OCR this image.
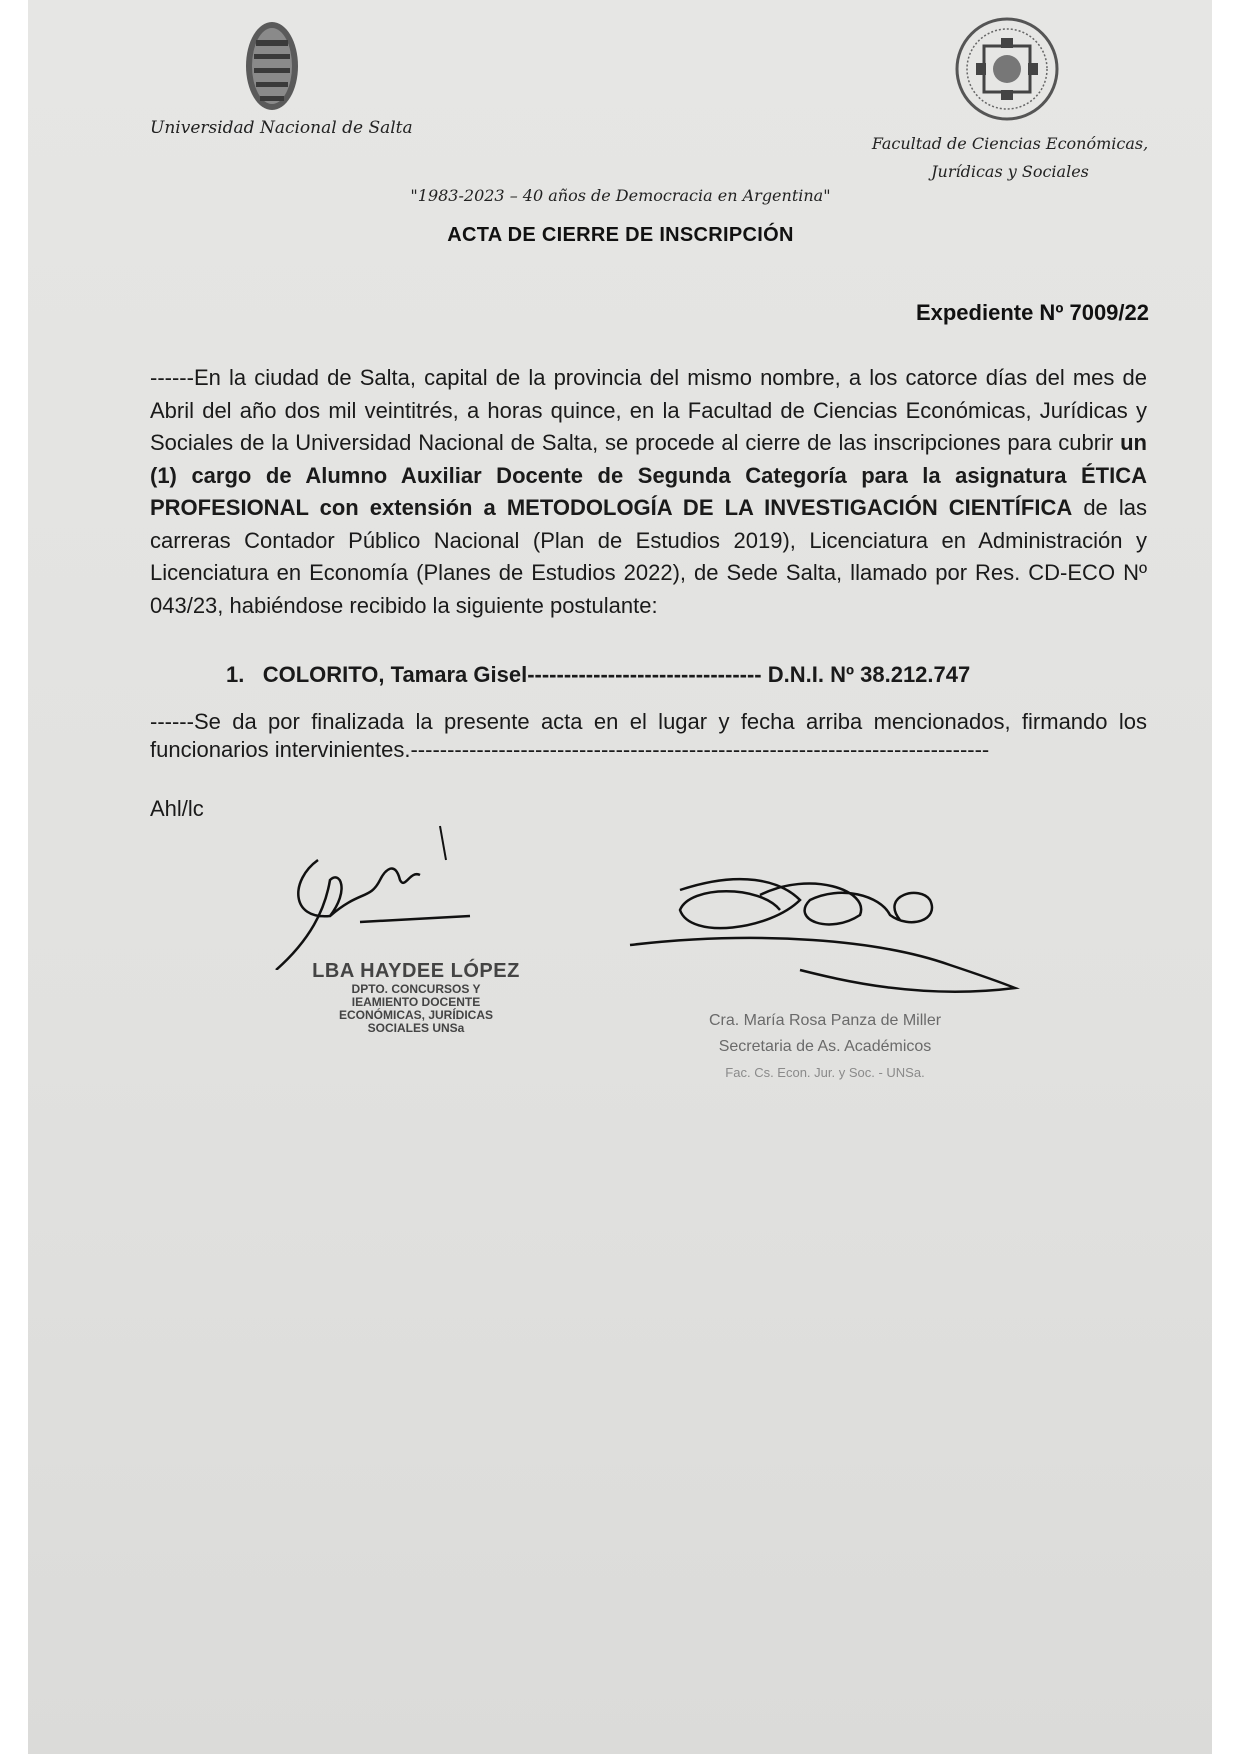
Universidad Nacional de Salta
Facultad de Ciencias Económicas,
Jurídicas y Sociales
"1983-2023 – 40 años de Democracia en Argentina"
ACTA DE CIERRE DE INSCRIPCIÓN
Expediente Nº 7009/22
------En la ciudad de Salta, capital de la provincia del mismo nombre, a los catorce días del mes de Abril del año dos mil veintitrés, a horas quince, en la Facultad de Ciencias Económicas, Jurídicas y Sociales de la Universidad Nacional de Salta, se procede al cierre de las inscripciones para cubrir un (1) cargo de Alumno Auxiliar Docente de Segunda Categoría para la asignatura ÉTICA PROFESIONAL con extensión a METODOLOGÍA DE LA INVESTIGACIÓN CIENTÍFICA de las carreras Contador Público Nacional (Plan de Estudios 2019), Licenciatura en Administración y Licenciatura en Economía (Planes de Estudios 2022), de Sede Salta, llamado por Res. CD-ECO Nº 043/23, habiéndose recibido la siguiente postulante:
1. COLORITO, Tamara Gisel-------------------------------- D.N.I. Nº 38.212.747
------Se da por finalizada la presente acta en el lugar y fecha arriba mencionados, firmando los funcionarios intervinientes.-------------------------------------------------------------------------------
Ahl/lc
LBA HAYDEE LÓPEZ
DPTO. CONCURSOS Y
IEAMIENTO DOCENTE
ECONÓMICAS, JURÍDICAS
SOCIALES UNSa	Cra. María Rosa Panza de Miller
Secretaria de As. Académicos
Fac. Cs. Econ. Jur. y Soc. - UNSa.
